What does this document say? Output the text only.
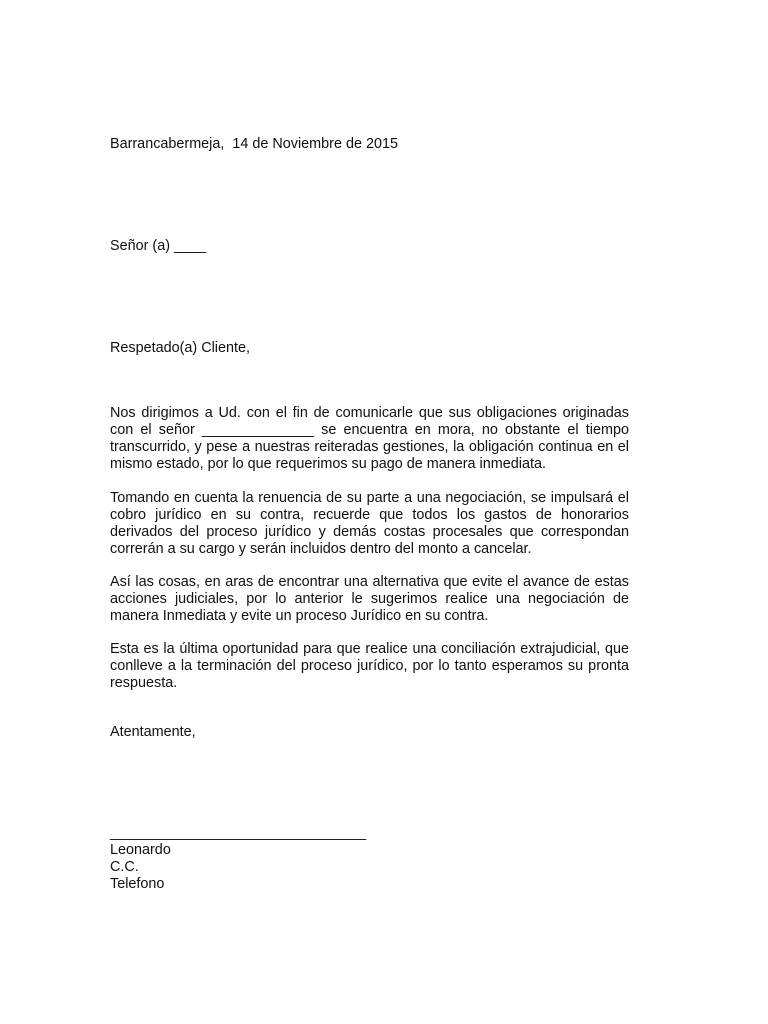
Barrancabermeja,  14 de Noviembre de 2015
Señor (a) ____
Respetado(a) Cliente,
Nos dirigimos a Ud. con el fin de comunicarle que sus obligaciones originadas con el señor ______________ se encuentra en mora, no obstante el tiempo transcurrido, y pese a nuestras reiteradas gestiones, la obligación continua en el mismo estado, por lo que requerimos su pago de manera inmediata.
Tomando en cuenta la renuencia de su parte a una negociación, se impulsará el cobro jurídico en su contra, recuerde que todos los gastos de honorarios derivados del proceso jurídico y demás costas procesales que correspondan correrán a su cargo y serán incluidos dentro del monto a cancelar.
Así las cosas, en aras de encontrar una alternativa que evite el avance de estas acciones judiciales, por lo anterior le sugerimos realice una negociación de manera Inmediata y evite un proceso Jurídico en su contra.
Esta es la última oportunidad para que realice una conciliación extrajudicial, que conlleve a la terminación del proceso jurídico, por lo tanto esperamos su pronta respuesta.
Atentamente,
________________________________
Leonardo
C.C.
Telefono
